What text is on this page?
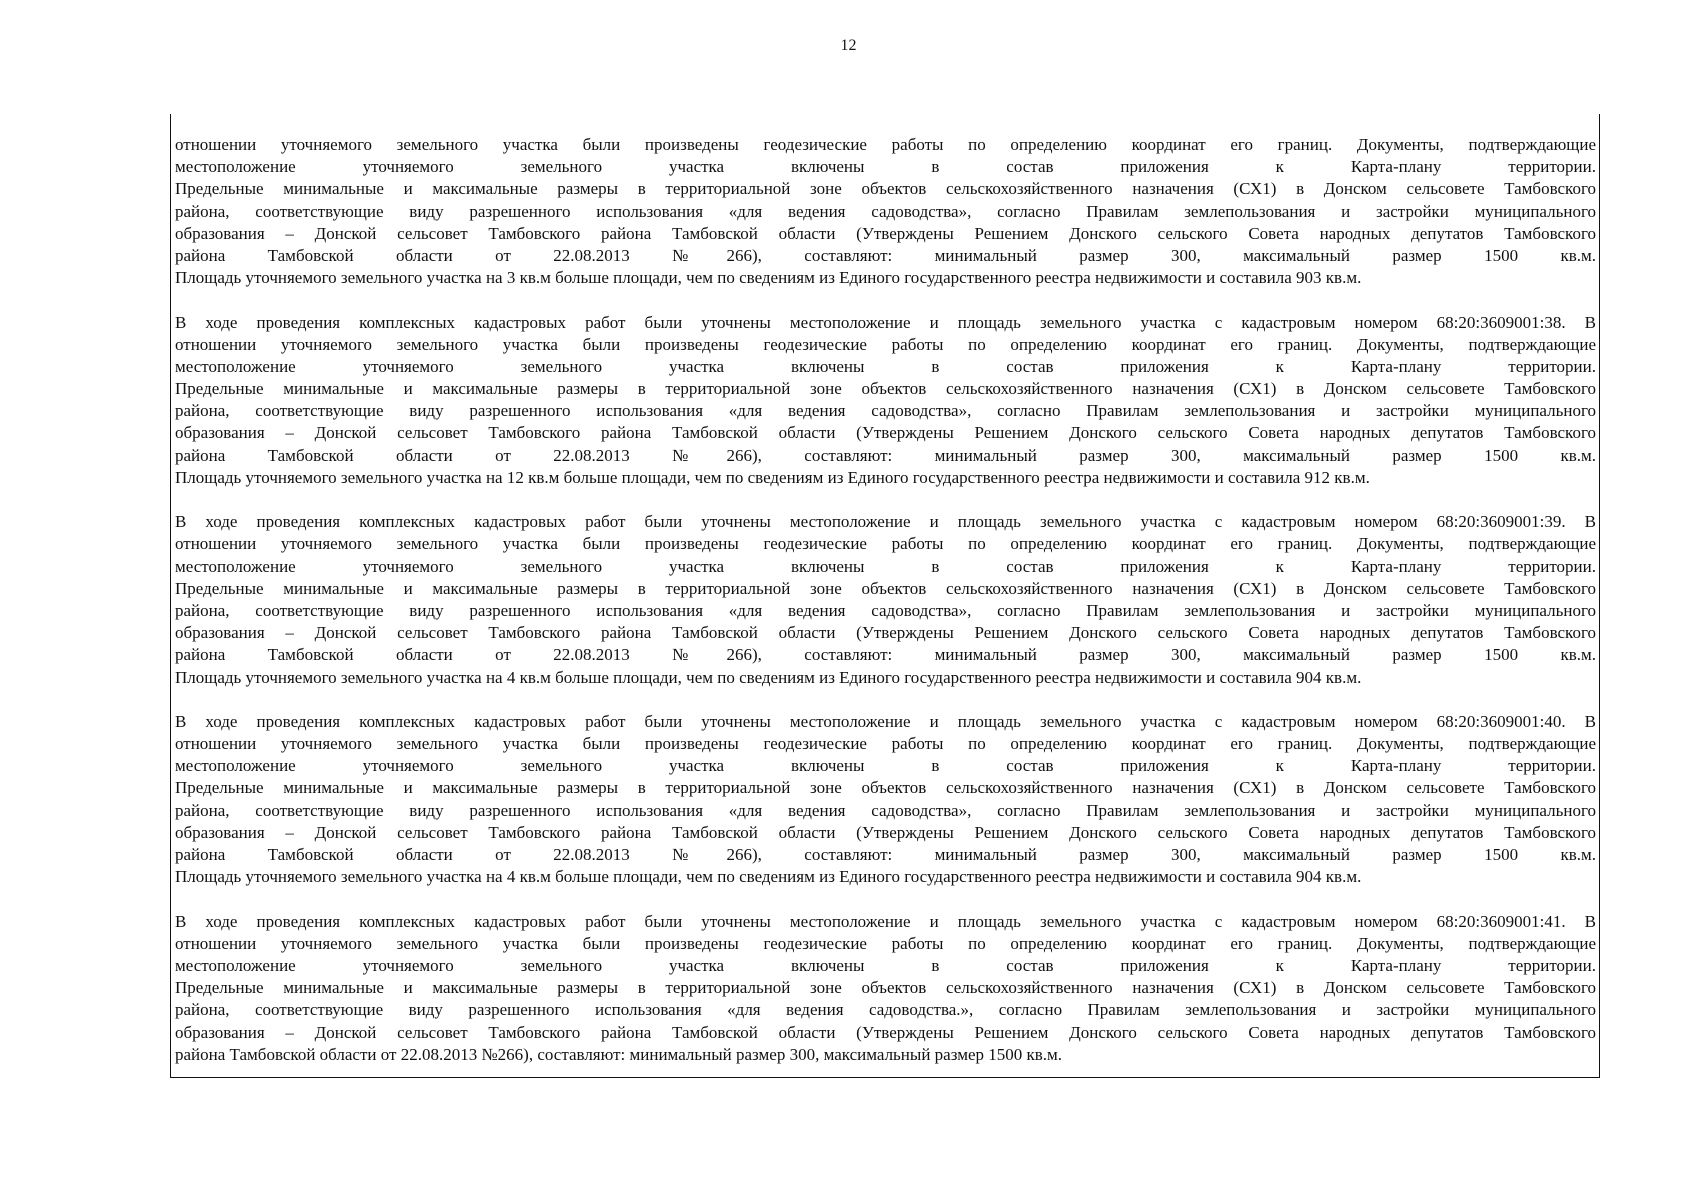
12
отношении уточняемого земельного участка были произведены геодезические работы по определению координат его границ. Документы, подтверждающие
местоположение уточняемого земельного участка включены в состав приложения к Карта-плану территории.
Предельные минимальные и максимальные размеры в территориальной зоне объектов сельскохозяйственного назначения (СХ1) в Донском сельсовете Тамбовского
района, соответствующие виду разрешенного использования «для ведения садоводства», согласно Правилам землепользования и застройки муниципального
образования – Донской сельсовет Тамбовского района Тамбовской области (Утверждены Решением Донского сельского Совета народных депутатов Тамбовского
района Тамбовской области от 22.08.2013 №266), составляют: минимальный размер 300, максимальный размер 1500 кв.м.
Площадь уточняемого земельного участка на 3 кв.м больше площади, чем по сведениям из Единого государственного реестра недвижимости и составила 903 кв.м.
В ходе проведения комплексных кадастровых работ были уточнены местоположение и площадь земельного участка с кадастровым номером 68:20:3609001:38. В
отношении уточняемого земельного участка были произведены геодезические работы по определению координат его границ. Документы, подтверждающие
местоположение уточняемого земельного участка включены в состав приложения к Карта-плану территории.
Предельные минимальные и максимальные размеры в территориальной зоне объектов сельскохозяйственного назначения (СХ1) в Донском сельсовете Тамбовского
района, соответствующие виду разрешенного использования «для ведения садоводства», согласно Правилам землепользования и застройки муниципального
образования – Донской сельсовет Тамбовского района Тамбовской области (Утверждены Решением Донского сельского Совета народных депутатов Тамбовского
района Тамбовской области от 22.08.2013 №266), составляют: минимальный размер 300, максимальный размер 1500 кв.м.
Площадь уточняемого земельного участка на 12 кв.м больше площади, чем по сведениям из Единого государственного реестра недвижимости и составила 912 кв.м.
В ходе проведения комплексных кадастровых работ были уточнены местоположение и площадь земельного участка с кадастровым номером 68:20:3609001:39. В
отношении уточняемого земельного участка были произведены геодезические работы по определению координат его границ. Документы, подтверждающие
местоположение уточняемого земельного участка включены в состав приложения к Карта-плану территории.
Предельные минимальные и максимальные размеры в территориальной зоне объектов сельскохозяйственного назначения (СХ1) в Донском сельсовете Тамбовского
района, соответствующие виду разрешенного использования «для ведения садоводства», согласно Правилам землепользования и застройки муниципального
образования – Донской сельсовет Тамбовского района Тамбовской области (Утверждены Решением Донского сельского Совета народных депутатов Тамбовского
района Тамбовской области от 22.08.2013 №266), составляют: минимальный размер 300, максимальный размер 1500 кв.м.
Площадь уточняемого земельного участка на 4 кв.м больше площади, чем по сведениям из Единого государственного реестра недвижимости и составила 904 кв.м.
В ходе проведения комплексных кадастровых работ были уточнены местоположение и площадь земельного участка с кадастровым номером 68:20:3609001:40. В
отношении уточняемого земельного участка были произведены геодезические работы по определению координат его границ. Документы, подтверждающие
местоположение уточняемого земельного участка включены в состав приложения к Карта-плану территории.
Предельные минимальные и максимальные размеры в территориальной зоне объектов сельскохозяйственного назначения (СХ1) в Донском сельсовете Тамбовского
района, соответствующие виду разрешенного использования «для ведения садоводства», согласно Правилам землепользования и застройки муниципального
образования – Донской сельсовет Тамбовского района Тамбовской области (Утверждены Решением Донского сельского Совета народных депутатов Тамбовского
района Тамбовской области от 22.08.2013 №266), составляют: минимальный размер 300, максимальный размер 1500 кв.м.
Площадь уточняемого земельного участка на 4 кв.м больше площади, чем по сведениям из Единого государственного реестра недвижимости и составила 904 кв.м.
В ходе проведения комплексных кадастровых работ были уточнены местоположение и площадь земельного участка с кадастровым номером 68:20:3609001:41. В
отношении уточняемого земельного участка были произведены геодезические работы по определению координат его границ. Документы, подтверждающие
местоположение уточняемого земельного участка включены в состав приложения к Карта-плану территории.
Предельные минимальные и максимальные размеры в территориальной зоне объектов сельскохозяйственного назначения (СХ1) в Донском сельсовете Тамбовского
района, соответствующие виду разрешенного использования «для ведения садоводства.», согласно Правилам землепользования и застройки муниципального
образования – Донской сельсовет Тамбовского района Тамбовской области (Утверждены Решением Донского сельского Совета народных депутатов Тамбовского
района Тамбовской области от 22.08.2013 №266), составляют: минимальный размер 300, максимальный размер 1500 кв.м.
